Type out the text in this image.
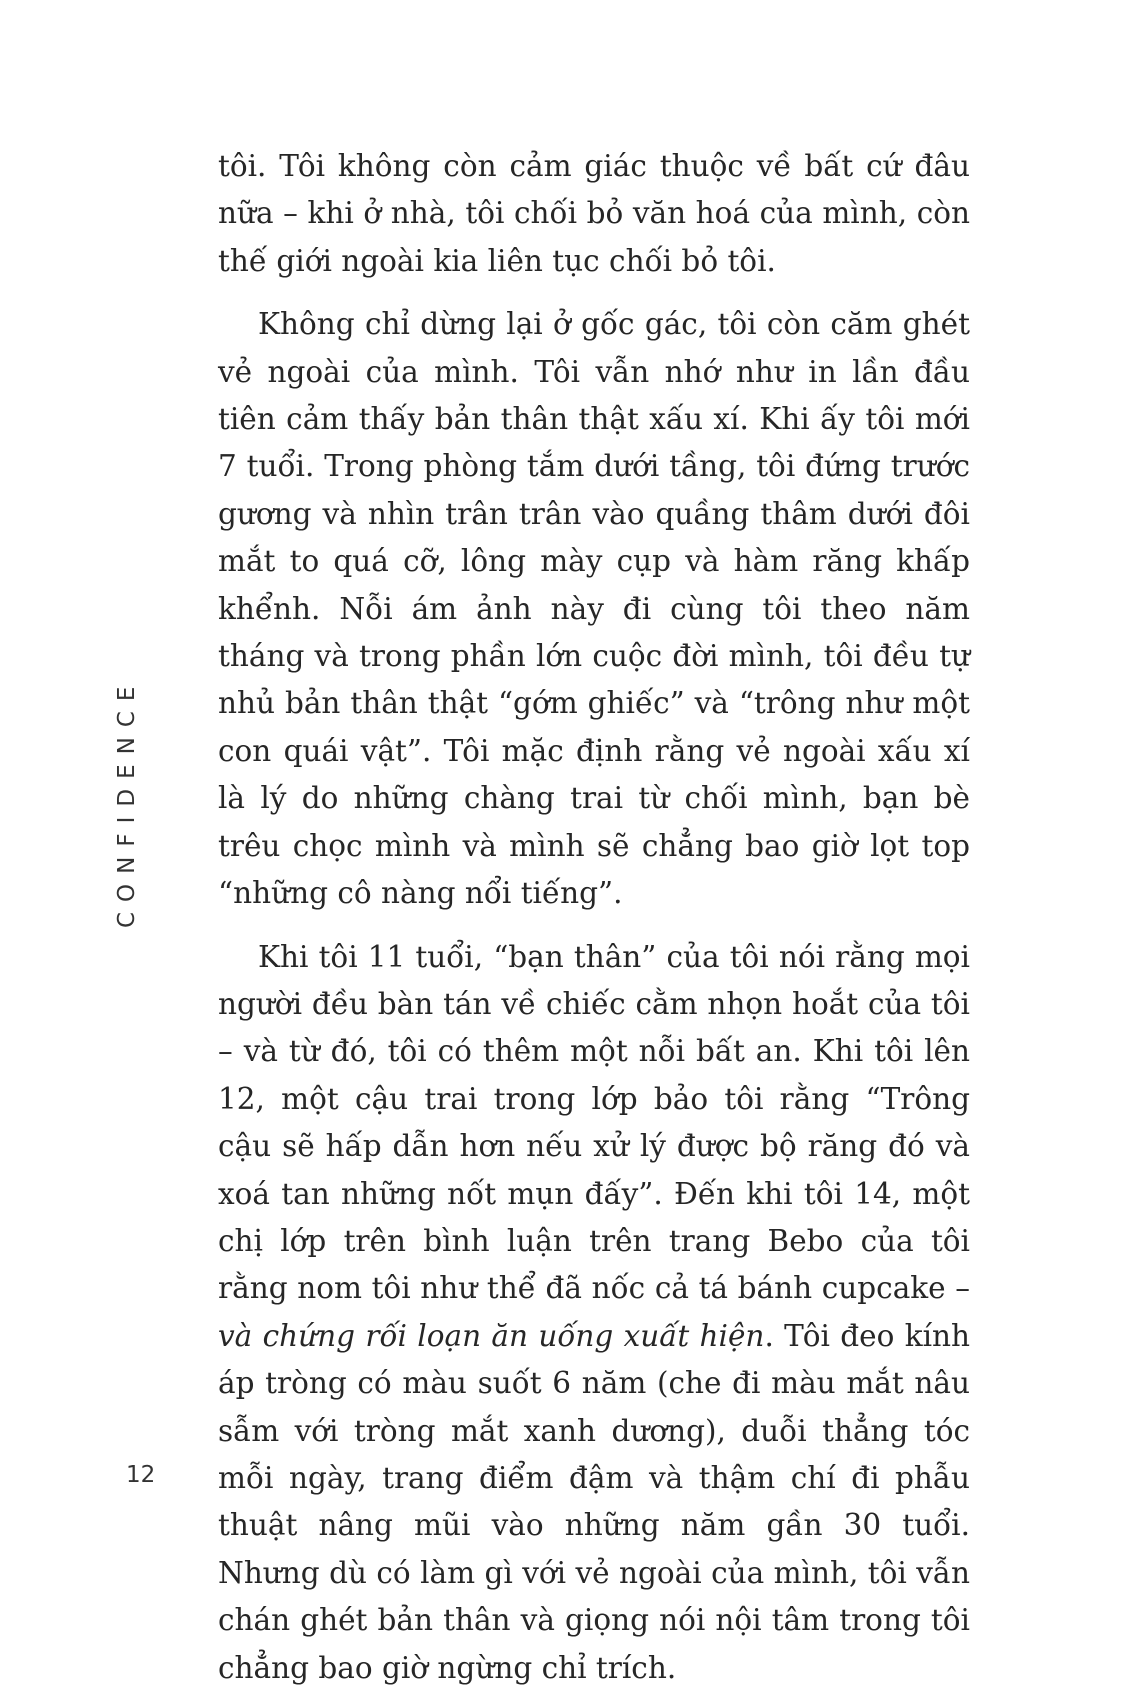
tôi. Tôi không còn cảm giác thuộc về bất cứ đâu nữa – khi ở nhà, tôi chối bỏ văn hoá của mình, còn thế giới ngoài kia liên tục chối bỏ tôi.

Không chỉ dừng lại ở gốc gác, tôi còn căm ghét vẻ ngoài của mình. Tôi vẫn nhớ như in lần đầu tiên cảm thấy bản thân thật xấu xí. Khi ấy tôi mới 7 tuổi. Trong phòng tắm dưới tầng, tôi đứng trước gương và nhìn trân trân vào quầng thâm dưới đôi mắt to quá cỡ, lông mày cụp và hàm răng khấp khểnh. Nỗi ám ảnh này đi cùng tôi theo năm tháng và trong phần lớn cuộc đời mình, tôi đều tự nhủ bản thân thật “gớm ghiếc” và “trông như một con quái vật”. Tôi mặc định rằng vẻ ngoài xấu xí là lý do những chàng trai từ chối mình, bạn bè trêu chọc mình và mình sẽ chẳng bao giờ lọt top “những cô nàng nổi tiếng”.

Khi tôi 11 tuổi, “bạn thân” của tôi nói rằng mọi người đều bàn tán về chiếc cằm nhọn hoắt của tôi – và từ đó, tôi có thêm một nỗi bất an. Khi tôi lên 12, một cậu trai trong lớp bảo tôi rằng “Trông cậu sẽ hấp dẫn hơn nếu xử lý được bộ răng đó và xoá tan những nốt mụn đấy”. Đến khi tôi 14, một chị lớp trên bình luận trên trang Bebo của tôi rằng nom tôi như thể đã nốc cả tá bánh cupcake – và chứng rối loạn ăn uống xuất hiện. Tôi đeo kính áp tròng có màu suốt 6 năm (che đi màu mắt nâu sẫm với tròng mắt xanh dương), duỗi thẳng tóc mỗi ngày, trang điểm đậm và thậm chí đi phẫu thuật nâng mũi vào những năm gần 30 tuổi. Nhưng dù có làm gì với vẻ ngoài của mình, tôi vẫn chán ghét bản thân và giọng nói nội tâm trong tôi chẳng bao giờ ngừng chỉ trích.

CONFIDENCE
12
